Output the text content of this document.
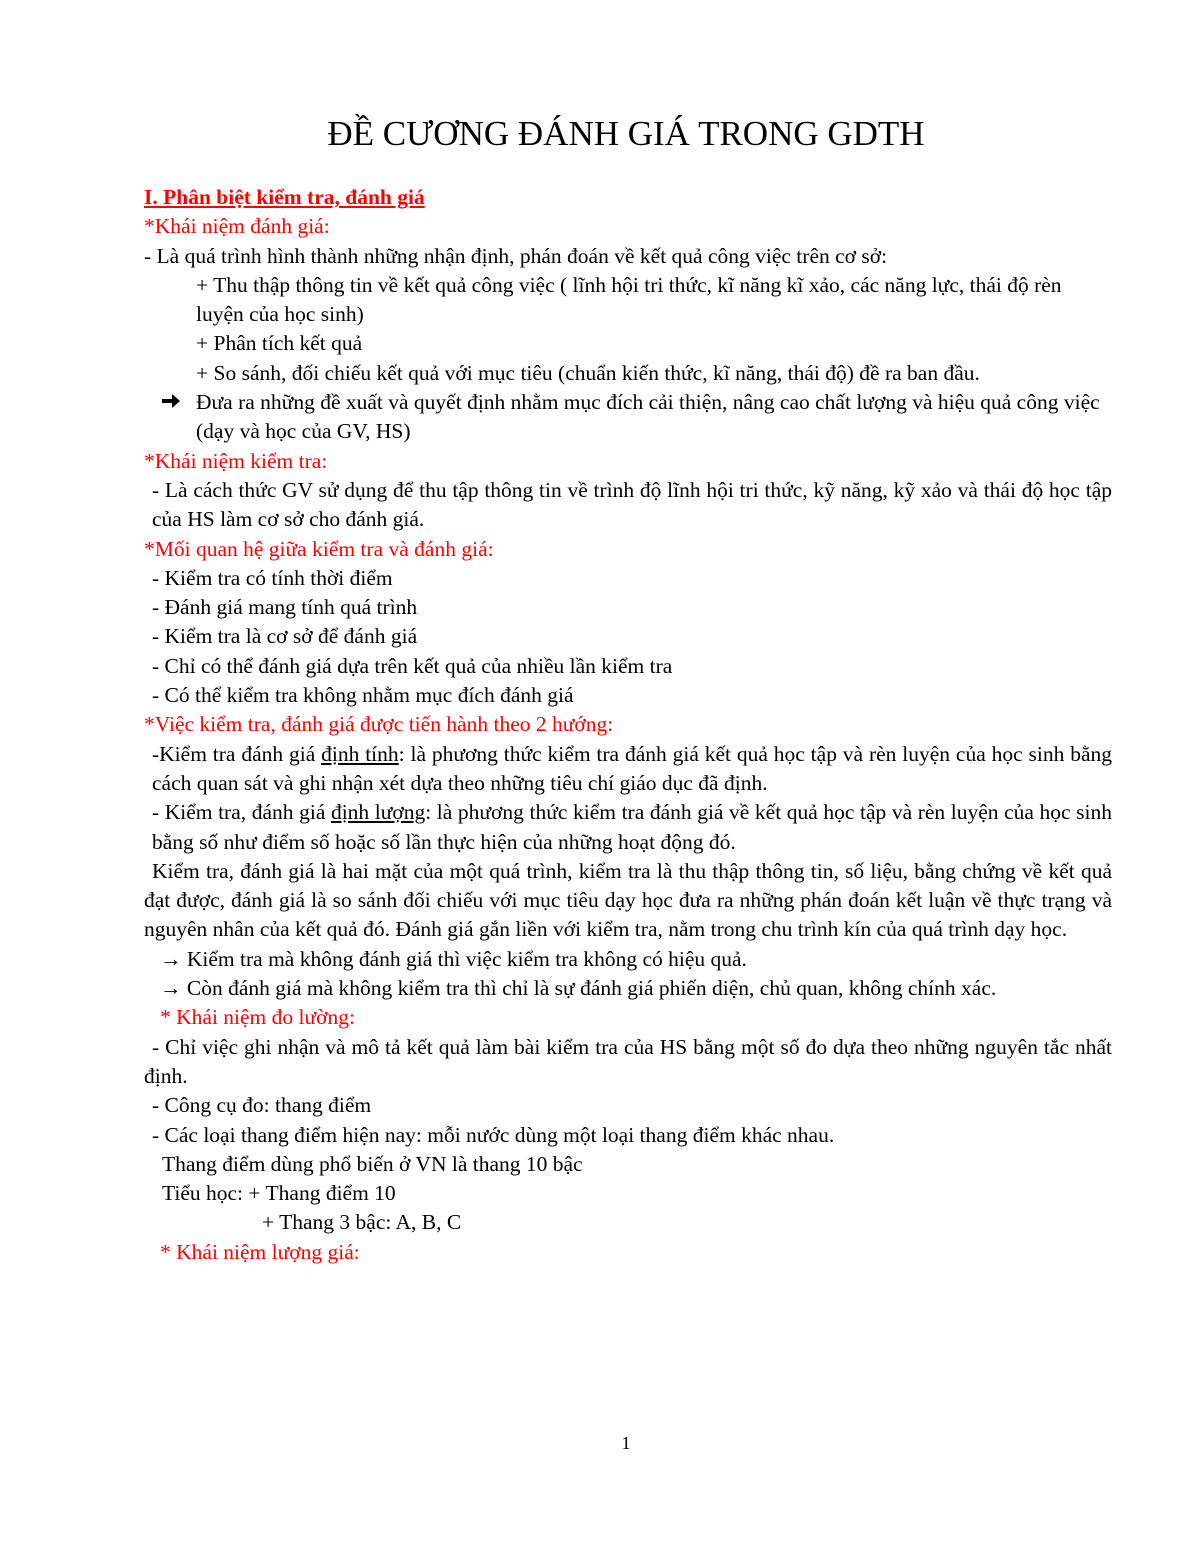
ĐỀ CƯƠNG ĐÁNH GIÁ TRONG GDTH

I. Phân biệt kiểm tra, đánh giá

*Khái niệm đánh giá:

- Là quá trình hình thành những nhận định, phán đoán về kết quả công việc trên cơ sở:

+ Thu thập thông tin về kết quả công việc ( lĩnh hội tri thức, kĩ năng kĩ xảo, các năng lực, thái độ rèn luyện của học sinh)

+ Phân tích kết quả

+ So sánh, đối chiếu kết quả với mục tiêu (chuẩn kiến thức, kĩ năng, thái độ) đề ra ban đầu.

Đưa ra những đề xuất và quyết định nhằm mục đích cải thiện, nâng cao chất lượng và hiệu quả công việc (dạy và học của GV, HS)

*Khái niệm kiểm tra:

- Là cách thức GV sử dụng để thu tập thông tin về trình độ lĩnh hội tri thức, kỹ năng, kỹ xảo và thái độ học tập của HS làm cơ sở cho đánh giá.

*Mối quan hệ giữa kiểm tra và đánh giá:

- Kiểm tra có tính thời điểm

- Đánh giá mang tính quá trình

- Kiểm tra là cơ sở để đánh giá

- Chỉ có thể đánh giá dựa trên kết quả của nhiều lần kiểm tra

- Có thể kiểm tra không nhằm mục đích đánh giá

*Việc kiểm tra, đánh giá được tiến hành theo 2 hướng:

-Kiểm tra đánh giá định tính: là phương thức kiểm tra đánh giá kết quả học tập và rèn luyện của học sinh bằng cách quan sát và ghi nhận xét dựa theo những tiêu chí giáo dục đã định.

- Kiểm tra, đánh giá định lượng: là phương thức kiểm tra đánh giá về kết quả học tập và rèn luyện của học sinh bằng số như điểm số hoặc số lần thực hiện của những hoạt động đó.

Kiểm tra, đánh giá là hai mặt của một quá trình, kiểm tra là thu thập thông tin, số liệu, bằng chứng về kết quả đạt được, đánh giá là so sánh đối chiếu với mục tiêu dạy học đưa ra những phán đoán kết luận về thực trạng và nguyên nhân của kết quả đó. Đánh giá gắn liền với kiểm tra, nằm trong chu trình kín của quá trình dạy học.

→ Kiểm tra mà không đánh giá thì việc kiểm tra không có hiệu quả.

→ Còn đánh giá mà không kiểm tra thì chỉ là sự đánh giá phiến diện, chủ quan, không chính xác.

* Khái niệm đo lường:

- Chỉ việc ghi nhận và mô tả kết quả làm bài kiểm tra của HS bằng một số đo dựa theo những nguyên tắc nhất định.

- Công cụ đo: thang điểm

- Các loại thang điểm hiện nay: mỗi nước dùng một loại thang điểm khác nhau.

Thang điểm dùng phổ biến ở VN là thang 10 bậc

Tiểu học: + Thang điểm 10

+ Thang 3 bậc: A, B, C

* Khái niệm lượng giá:

1
